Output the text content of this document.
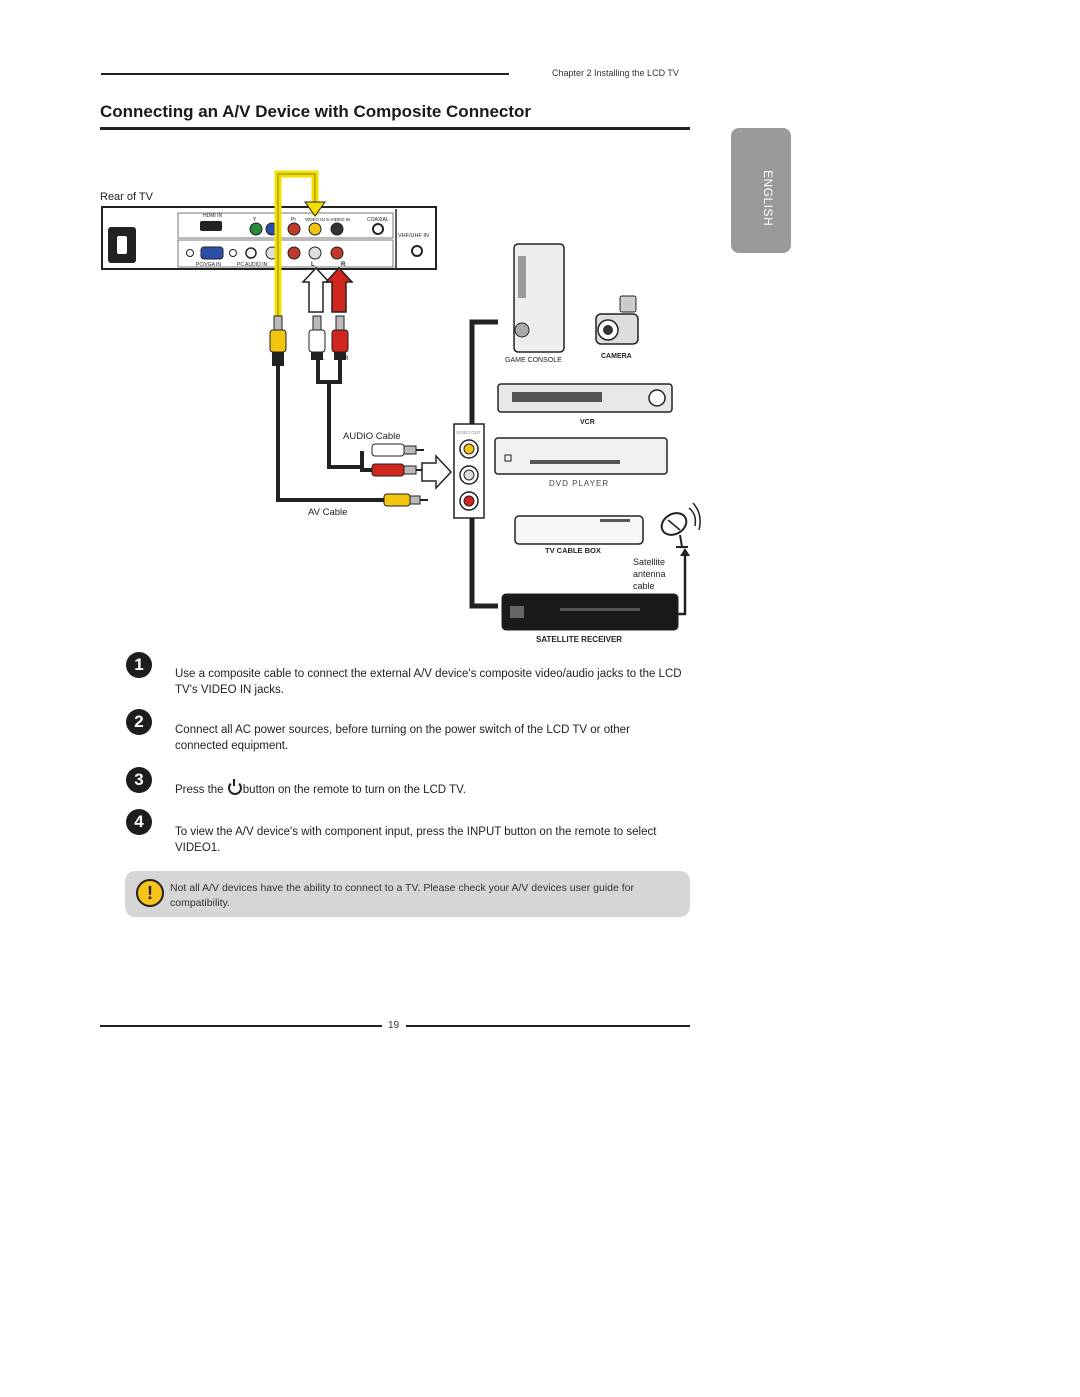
Chapter 2 Installing the LCD TV
Connecting an A/V Device with Composite Connector
ENGLISH
Rear of TV
HDMI IN
Y	Pr VIDEO IN S-VIDEO IN	COAXIAL
VHF/UHF IN
PC/VGA IN	PC AUDIO IN	L	R
L	R
AUDIO Cable
AV Cable
VIDEO OUT
GAME CONSOLE
CAMERA
VCR
DVD PLAYER
TV CABLE BOX
Satellite
antenna
cable
SATELLITE RECEIVER
1	Use a composite cable to connect the external A/V device's composite video/audio jacks to the LCD TV's VIDEO IN jacks.
2	Connect all AC power sources, before turning on the power switch of the LCD TV or other connected equipment.
3
Press the button on the remote to turn on the LCD TV.
4
To view the A/V device's with component input, press the INPUT button on the remote to select VIDEO1.
!	Not all A/V devices have the ability to connect to a TV. Please check your A/V devices user guide for compatibility.
19
